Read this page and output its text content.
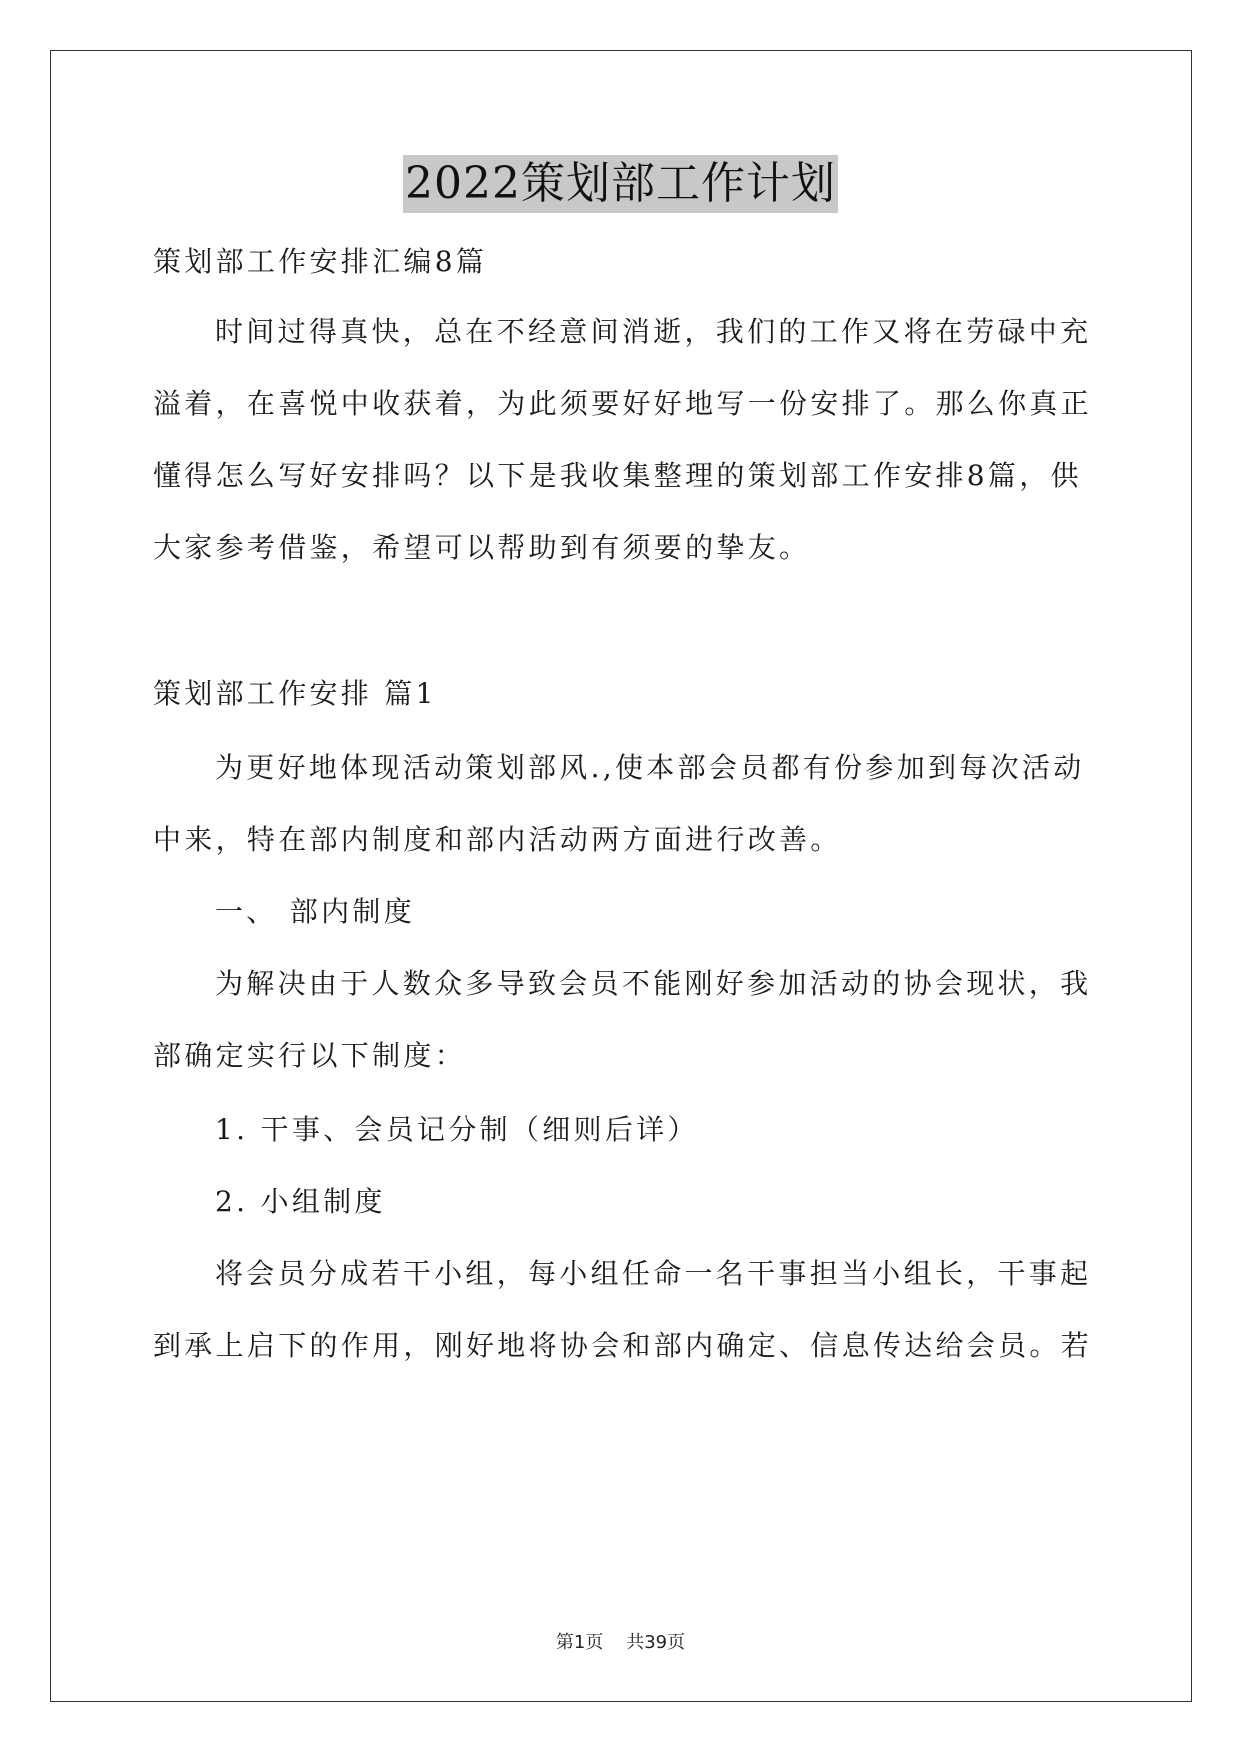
2022策划部工作计划
策划部工作安排汇编8篇
时间过得真快，总在不经意间消逝，我们的工作又将在劳碌中充
溢着，在喜悦中收获着，为此须要好好地写一份安排了。那么你真正
懂得怎么写好安排吗？以下是我收集整理的策划部工作安排8篇，供
大家参考借鉴，希望可以帮助到有须要的挚友。
策划部工作安排 篇1
为更好地体现活动策划部风.,使本部会员都有份参加到每次活动
中来，特在部内制度和部内活动两方面进行改善。
一、 部内制度
为解决由于人数众多导致会员不能刚好参加活动的协会现状，我
部确定实行以下制度：
1. 干事、会员记分制（细则后详）
2. 小组制度
将会员分成若干小组，每小组任命一名干事担当小组长，干事起
到承上启下的作用，刚好地将协会和部内确定、信息传达给会员。若
第1页    共39页
